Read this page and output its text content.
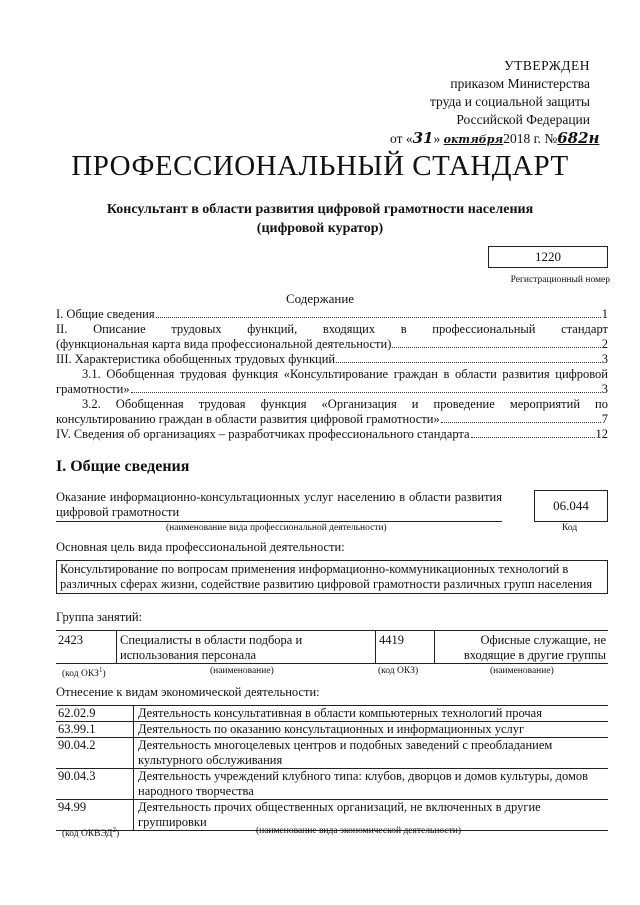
УТВЕРЖДЕН
приказом Министерства
труда и социальной защиты
Российской Федерации
от «31» октября2018 г. №682н
ПРОФЕССИОНАЛЬНЫЙ СТАНДАРТ
Консультант в области развития цифровой грамотности населения
(цифровой куратор)
1220
Регистрационный номер
Содержание
I. Общие сведения	1
II. Описание трудовых функций, входящих в профессиональный стандарт
(функциональная карта вида профессиональной деятельности)	2
III. Характеристика обобщенных трудовых функций	3
3.1. Обобщенная трудовая функция «Консультирование граждан в области развития цифровой
грамотности»	3
3.2. Обобщенная трудовая функция «Организация и проведение мероприятий по
консультированию граждан в области развития цифровой грамотности»	7
IV. Сведения об организациях – разработчиках профессионального стандарта	12
I. Общие сведения
Оказание информационно-консультационных услуг населению в области развития цифровой грамотности	06.044
(наименование вида профессиональной деятельности)	Код
Основная цель вида профессиональной деятельности:
Консультирование по вопросам применения информационно-коммуникационных технологий в различных сферах жизни, содействие развитию цифровой грамотности различных групп населения
Группа занятий:
2423	Специалисты в области подбора и использования персонала
4419	Офисные служащие, не входящие в другие группы
(код ОКЗ$^1$)	(наименование)	(код ОКЗ)	(наименование)
Отнесение к видам экономической деятельности:
62.02.9	Деятельность консультативная в области компьютерных технологий прочая
63.99.1	Деятельность по оказанию консультационных и информационных услуг
90.04.2	Деятельность многоцелевых центров и подобных заведений с преобладанием культурного обслуживания
90.04.3	Деятельность учреждений клубного типа: клубов, дворцов и домов культуры, домов народного творчества
94.99	Деятельность прочих общественных организаций, не включенных в другие группировки
(код ОКВЭД$^2$)	(наименование вида экономической деятельности)
